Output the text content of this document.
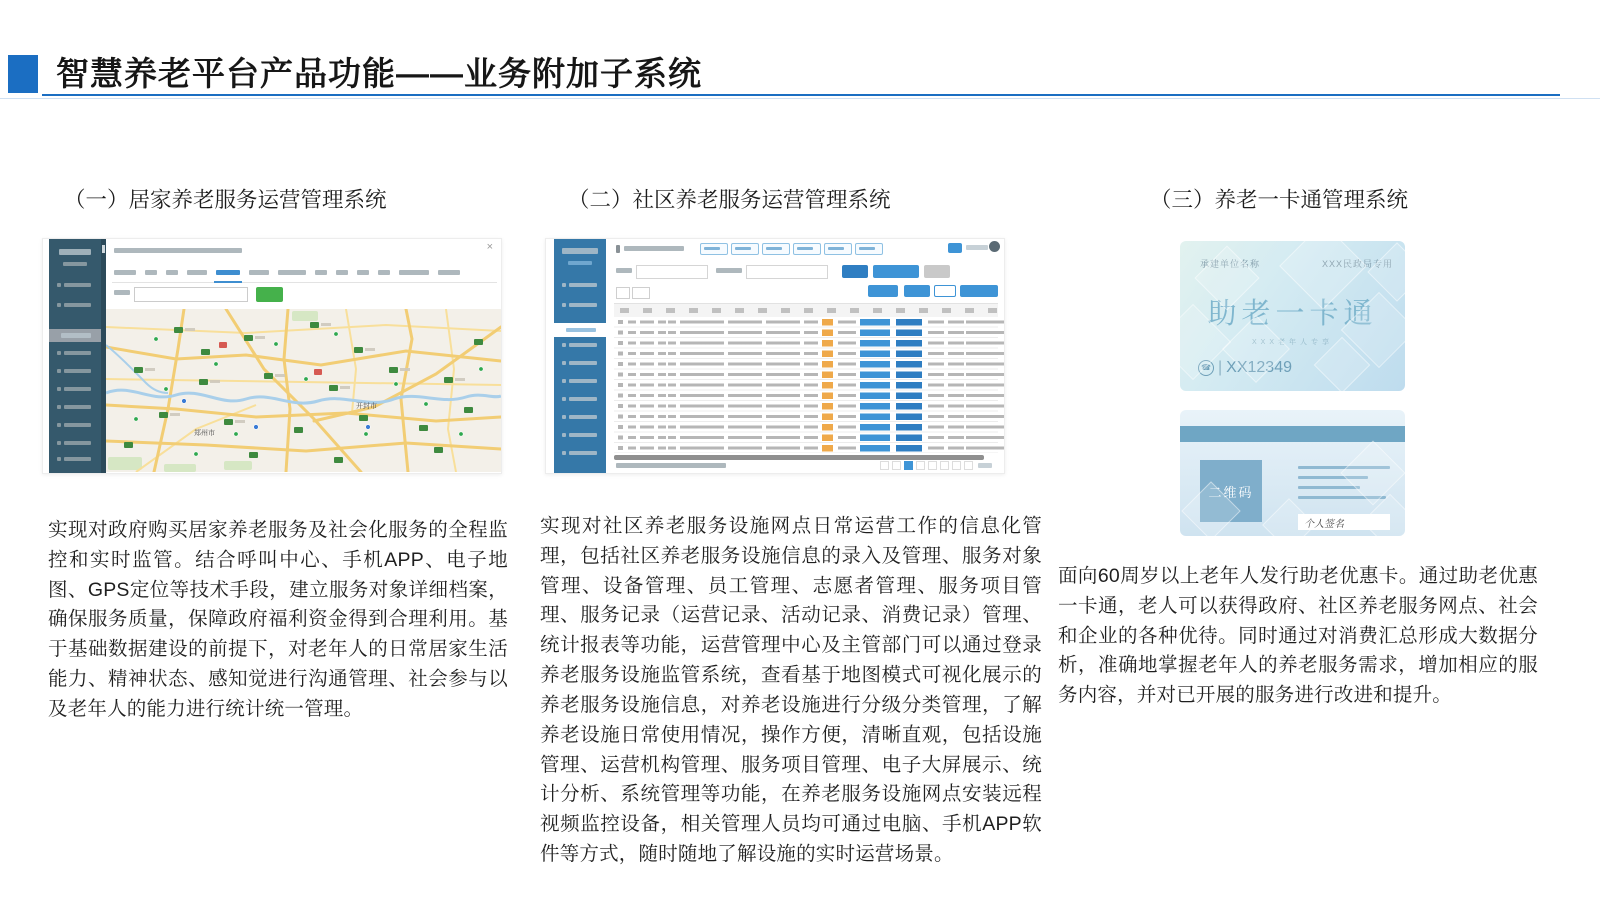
智慧养老平台产品功能——业务附加子系统
（一）居家养老服务运营管理系统	（二）社区养老服务运营管理系统	（三）养老一卡通管理系统
×
郑州市
开封市
承建单位名称	XXX民政局专用
助老一卡通
XXX老年人专享
☎ | XX12349
二维码
个人签名
实现对政府购买居家养老服务及社会化服务的全程监控和实时监管。结合呼叫中心、手机APP、电子地图、GPS定位等技术手段，建立服务对象详细档案，确保服务质量，保障政府福利资金得到合理利用。基于基础数据建设的前提下，对老年人的日常居家生活能力、精神状态、感知觉进行沟通管理、社会参与以及老年人的能力进行统计统一管理。
实现对社区养老服务设施网点日常运营工作的信息化管理，包括社区养老服务设施信息的录入及管理、服务对象管理、设备管理、员工管理、志愿者管理、服务项目管理、服务记录（运营记录、活动记录、消费记录）管理、统计报表等功能，运营管理中心及主管部门可以通过登录养老服务设施监管系统，查看基于地图模式可视化展示的养老服务设施信息，对养老设施进行分级分类管理，了解养老设施日常使用情况，操作方便，清晰直观，包括设施管理、运营机构管理、服务项目管理、电子大屏展示、统计分析、系统管理等功能，在养老服务设施网点安装远程视频监控设备，相关管理人员均可通过电脑、手机APP软件等方式，随时随地了解设施的实时运营场景。
面向60周岁以上老年人发行助老优惠卡。通过助老优惠一卡通，老人可以获得政府、社区养老服务网点、社会和企业的各种优待。同时通过对消费汇总形成大数据分析，准确地掌握老年人的养老服务需求，增加相应的服务内容，并对已开展的服务进行改进和提升。
